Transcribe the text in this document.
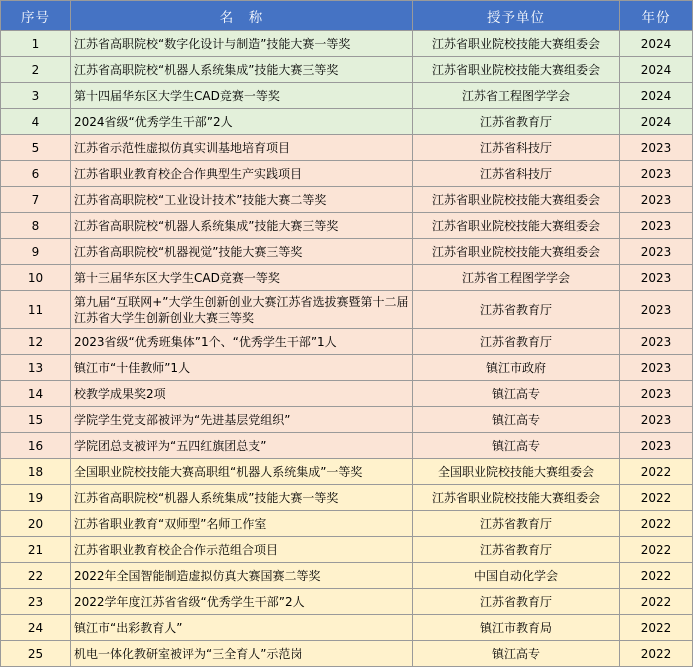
序号	名　称	授予单位	年份
1	江苏省高职院校“数字化设计与制造”技能大赛一等奖	江苏省职业院校技能大赛组委会	2024
2	江苏省高职院校“机器人系统集成”技能大赛三等奖	江苏省职业院校技能大赛组委会	2024
3	第十四届华东区大学生CAD竞赛一等奖	江苏省工程图学学会	2024
4	2024省级“优秀学生干部”2人	江苏省教育厅	2024
5	江苏省示范性虚拟仿真实训基地培育项目	江苏省科技厅	2023
6	江苏省职业教育校企合作典型生产实践项目	江苏省科技厅	2023
7	江苏省高职院校“工业设计技术”技能大赛二等奖	江苏省职业院校技能大赛组委会	2023
8	江苏省高职院校“机器人系统集成”技能大赛三等奖	江苏省职业院校技能大赛组委会	2023
9	江苏省高职院校“机器视觉”技能大赛三等奖	江苏省职业院校技能大赛组委会	2023
10	第十三届华东区大学生CAD竞赛一等奖	江苏省工程图学学会	2023
11	第九届“互联网+”大学生创新创业大赛江苏省选拔赛暨第十二届江苏省大学生创新创业大赛三等奖	江苏省教育厅	2023
12	2023省级“优秀班集体”1个、“优秀学生干部”1人	江苏省教育厅	2023
13	镇江市“十佳教师”1人	镇江市政府	2023
14	校教学成果奖2项	镇江高专	2023
15	学院学生党支部被评为“先进基层党组织”	镇江高专	2023
16	学院团总支被评为“五四红旗团总支”	镇江高专	2023
18	全国职业院校技能大赛高职组“机器人系统集成”一等奖	全国职业院校技能大赛组委会	2022
19	江苏省高职院校“机器人系统集成”技能大赛一等奖	江苏省职业院校技能大赛组委会	2022
20	江苏省职业教育“双师型”名师工作室	江苏省教育厅	2022
21	江苏省职业教育校企合作示范组合项目	江苏省教育厅	2022
22	2022年全国智能制造虚拟仿真大赛国赛二等奖	中国自动化学会	2022
23	2022学年度江苏省省级“优秀学生干部”2人	江苏省教育厅	2022
24	镇江市“出彩教育人”	镇江市教育局	2022
25	机电一体化教研室被评为“三全育人”示范岗	镇江高专	2022
